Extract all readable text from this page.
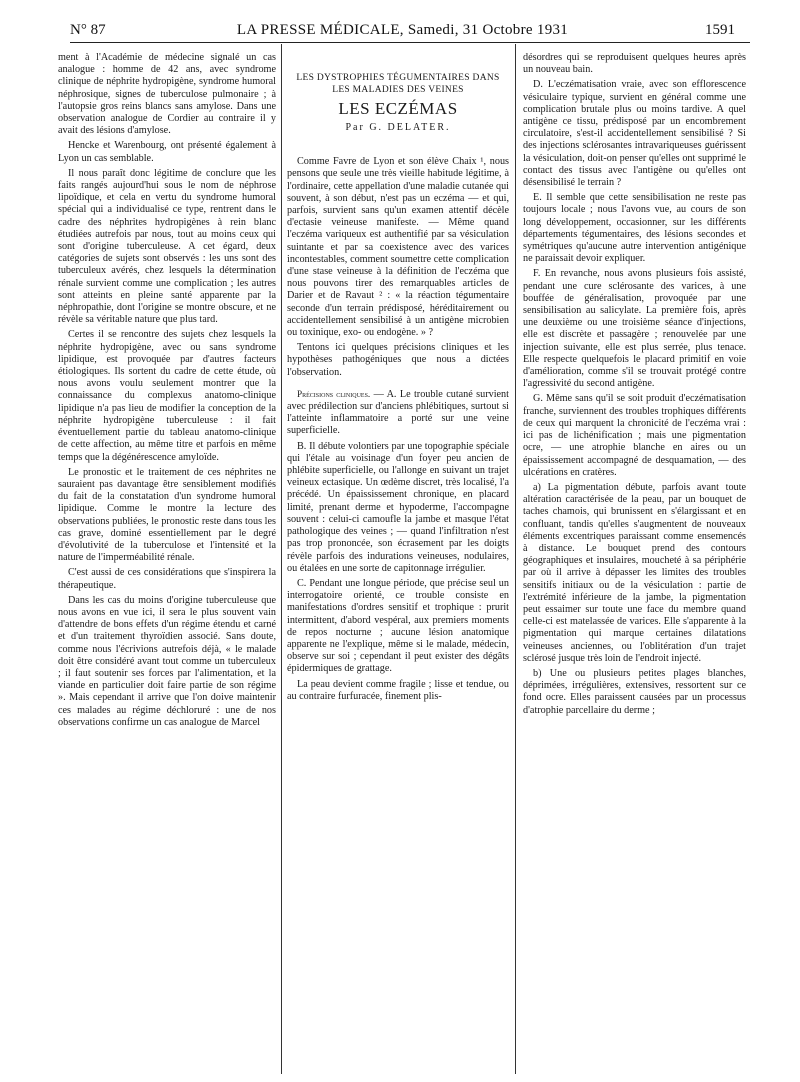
N° 87	LA PRESSE MÉDICALE, Samedi, 31 Octobre 1931	1591

ment à l'Académie de médecine signalé un cas analogue : homme de 42 ans, avec syndrome clinique de néphrite hydropigène, syndrome humoral néphrosique, signes de tuberculose pulmonaire ; à l'autopsie gros reins blancs sans amylose. Dans une observation analogue de Cordier au contraire il y avait des lésions d'amylose.

Hencke et Warenbourg, ont présenté également à Lyon un cas semblable.

Il nous paraît donc légitime de conclure que les faits rangés aujourd'hui sous le nom de néphrose lipoïdique, et cela en vertu du syndrome humoral spécial qui a individualisé ce type, rentrent dans le cadre des néphrites hydropigènes à rein blanc étudiées autrefois par nous, tout au moins ceux qui sont d'origine tuberculeuse. A cet égard, deux catégories de sujets sont observés : les uns sont des tuberculeux avérés, chez lesquels la détermination rénale survient comme une complication ; les autres sont atteints en pleine santé apparente par la néphropathie, dont l'origine se montre obscure, et ne révèle sa véritable nature que plus tard.

Certes il se rencontre des sujets chez lesquels la néphrite hydropigène, avec ou sans syndrome lipidique, est provoquée par d'autres facteurs étiologiques. Ils sortent du cadre de cette étude, où nous avons voulu seulement montrer que la connaissance du complexus anatomo-clinique lipidique n'a pas lieu de modifier la conception de la néphrite hydropigène tuberculeuse : il fait éventuellement partie du tableau anatomo-clinique de cette affection, au même titre et parfois en même temps que la dégénérescence amyloïde.

Le pronostic et le traitement de ces néphrites ne sauraient pas davantage être sensiblement modifiés du fait de la constatation d'un syndrome humoral lipidique. Comme le montre la lecture des observations publiées, le pronostic reste dans tous les cas grave, dominé essentiellement par le degré d'évolutivité de la tuberculose et l'intensité et la nature de l'imperméabilité rénale.

C'est aussi de ces considérations que s'inspirera la thérapeutique.

Dans les cas du moins d'origine tuberculeuse que nous avons en vue ici, il sera le plus souvent vain d'attendre de bons effets d'un régime étendu et carné et d'un traitement thyroïdien associé. Sans doute, comme nous l'écrivions autrefois déjà, « le malade doit être considéré avant tout comme un tuberculeux ; il faut soutenir ses forces par l'alimentation, et la viande en particulier doit faire partie de son régime ». Mais cependant il arrive que l'on doive maintenir ces malades au régime déchloruré : une de nos observations confirme un cas analogue de Marcel

LES DYSTROPHIES TÉGUMENTAIRES DANS LES MALADIES DES VEINES
LES ECZÉMAS
Par G. DELATER.

Comme Favre de Lyon et son élève Chaix ¹, nous pensons que seule une très vieille habitude légitime, à l'ordinaire, cette appellation d'une maladie cutanée qui souvent, à son début, n'est pas un eczéma — et qui, parfois, survient sans qu'un examen attentif décèle d'ectasie veineuse manifeste. — Même quand l'eczéma variqueux est authentifié par sa vésiculation suintante et par sa coexistence avec des varices incontestables, comment soumettre cette complication d'une stase veineuse à la définition de l'eczéma que nous pouvons tirer des remarquables articles de Darier et de Ravaut ² : « la réaction tégumentaire seconde d'un terrain prédisposé, héréditairement ou accidentellement sensibilisé à un antigène microbien ou toxinique, exo- ou endogène. » ?

Tentons ici quelques précisions cliniques et les hypothèses pathogéniques que nous a dictées l'observation.

Précisions cliniques. — A. Le trouble cutané survient avec prédilection sur d'anciens phlébitiques, surtout si l'atteinte inflammatoire a porté sur une veine superficielle.

B. Il débute volontiers par une topographie spéciale qui l'étale au voisinage d'un foyer peu ancien de phlébite superficielle, ou l'allonge en suivant un trajet veineux ectasique. Un œdème discret, très localisé, l'a précédé. Un épaississement chronique, en placard limité, prenant derme et hypoderme, l'accompagne souvent : celui-ci camoufle la jambe et masque l'état pathologique des veines ; — quand l'infiltration n'est pas trop prononcée, son écrasement par les doigts révèle parfois des indurations veineuses, nodulaires, ou étalées en une sorte de capitonnage irrégulier.

C. Pendant une longue période, que précise seul un interrogatoire orienté, ce trouble consiste en manifestations d'ordres sensitif et trophique : prurit intermittent, d'abord vespéral, aux premiers moments de repos nocturne ; aucune lésion anatomique apparente ne l'explique, même si le malade, médecin, observe sur soi ; cependant il peut exister des dégâts épidermiques de grattage.

La peau devient comme fragile ; lisse et tendue, ou au contraire furfuracée, finement plis-

désordres qui se reproduisent quelques heures après un nouveau bain.

D. L'eczématisation vraie, avec son efflorescence vésiculaire typique, survient en général comme une complication brutale plus ou moins tardive. A quel antigène ce tissu, prédisposé par un encombrement circulatoire, s'est-il accidentellement sensibilisé ? Si des injections sclérosantes intravariqueuses guérissent la vésiculation, doit-on penser qu'elles ont supprimé le contact des tissus avec l'antigène ou qu'elles ont désensibilisé le terrain ?

E. Il semble que cette sensibilisation ne reste pas toujours locale ; nous l'avons vue, au cours de son long développement, occasionner, sur les différents départements tégumentaires, des lésions secondes et symétriques qu'aucune autre intervention antigénique ne paraissait devoir expliquer.

F. En revanche, nous avons plusieurs fois assisté, pendant une cure sclérosante des varices, à une bouffée de généralisation, provoquée par une sensibilisation au salicylate. La première fois, après une deuxième ou une troisième séance d'injections, elle est discrète et passagère ; renouvelée par une injection suivante, elle est plus serrée, plus tenace. Elle respecte quelquefois le placard primitif en voie d'amélioration, comme s'il se trouvait protégé contre l'agressivité du second antigène.

G. Même sans qu'il se soit produit d'eczématisation franche, surviennent des troubles trophiques différents de ceux qui marquent la chronicité de l'eczéma vrai : ici pas de lichénification ; mais une pigmentation ocre, — une atrophie blanche en aires ou un épaississement accompagné de desquamation, — des ulcérations en cratères.

a) La pigmentation débute, parfois avant toute altération caractérisée de la peau, par un bouquet de taches chamois, qui brunissent en s'élargissant et en confluant, tandis qu'elles s'augmentent de nouveaux éléments excentriques paraissant comme ensemencés à distance. Le bouquet prend des contours géographiques et insulaires, moucheté à sa périphérie par où il arrive à dépasser les limites des troubles sensitifs initiaux ou de la vésiculation : partie de l'extrémité inférieure de la jambe, la pigmentation peut essaimer sur toute une face du membre quand celle-ci est matelassée de varices. Elle s'apparente à la pigmentation qui marque certaines dilatations veineuses anciennes, ou l'oblitération d'un trajet sclérosé jusque très loin de l'endroit injecté.

b) Une ou plusieurs petites plages blanches, déprimées, irrégulières, extensives, ressortent sur ce fond ocre. Elles paraissent causées par un processus d'atrophie parcellaire du derme ;
